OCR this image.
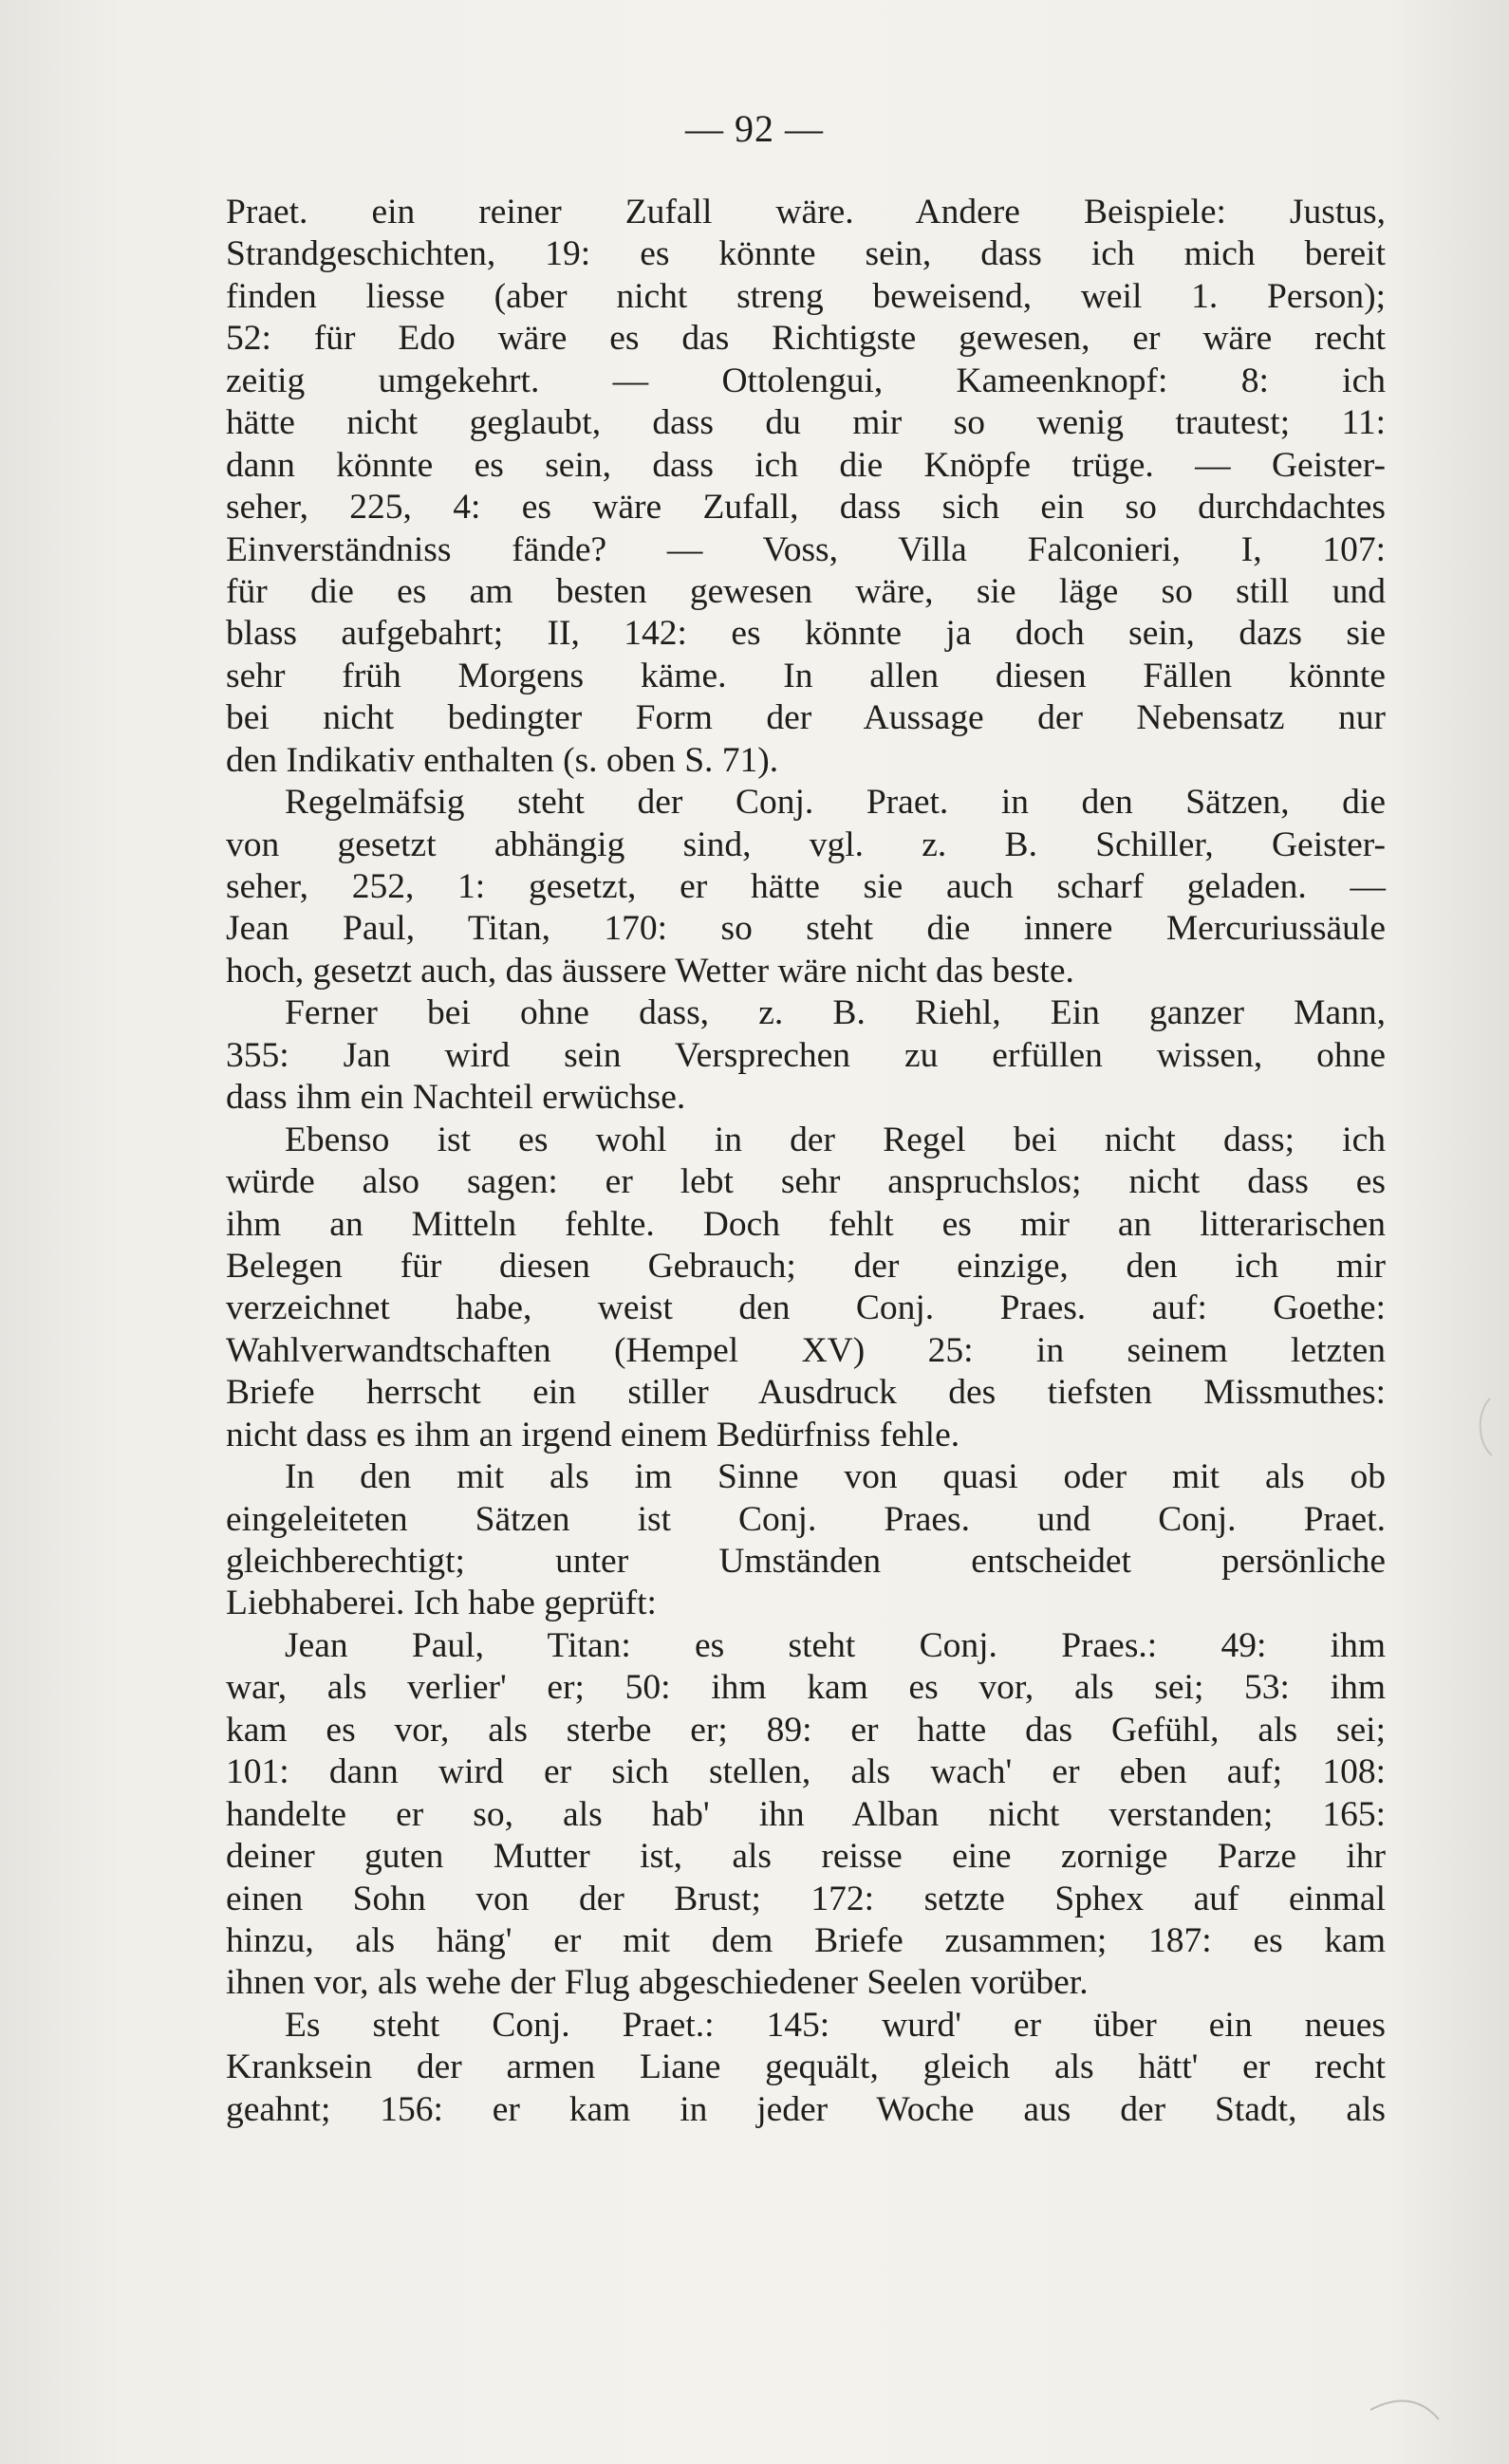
— 92 —
Praet. ein reiner Zufall wäre. Andere Beispiele: Justus,
Strandgeschichten, 19: es könnte sein, dass ich mich bereit
finden liesse (aber nicht streng beweisend, weil 1. Person);
52: für Edo wäre es das Richtigste gewesen, er wäre recht
zeitig umgekehrt. — Ottolengui, Kameenknopf: 8: ich
hätte nicht geglaubt, dass du mir so wenig trautest; 11:
dann könnte es sein, dass ich die Knöpfe trüge. — Geister-
seher, 225, 4: es wäre Zufall, dass sich ein so durchdachtes
Einverständniss fände? — Voss, Villa Falconieri, I, 107:
für die es am besten gewesen wäre, sie läge so still und
blass aufgebahrt; II, 142: es könnte ja doch sein, dazs sie
sehr früh Morgens käme. In allen diesen Fällen könnte
bei nicht bedingter Form der Aussage der Nebensatz nur
den Indikativ enthalten (s. oben S. 71).
Regelmäfsig steht der Conj. Praet. in den Sätzen, die
von gesetzt abhängig sind, vgl. z. B. Schiller, Geister-
seher, 252, 1: gesetzt, er hätte sie auch scharf geladen. —
Jean Paul, Titan, 170: so steht die innere Mercuriussäule
hoch, gesetzt auch, das äussere Wetter wäre nicht das beste.
Ferner bei ohne dass, z. B. Riehl, Ein ganzer Mann,
355: Jan wird sein Versprechen zu erfüllen wissen, ohne
dass ihm ein Nachteil erwüchse.
Ebenso ist es wohl in der Regel bei nicht dass; ich
würde also sagen: er lebt sehr anspruchslos; nicht dass es
ihm an Mitteln fehlte. Doch fehlt es mir an litterarischen
Belegen für diesen Gebrauch; der einzige, den ich mir
verzeichnet habe, weist den Conj. Praes. auf: Goethe:
Wahlverwandtschaften (Hempel XV) 25: in seinem letzten
Briefe herrscht ein stiller Ausdruck des tiefsten Missmuthes:
nicht dass es ihm an irgend einem Bedürfniss fehle.
In den mit als im Sinne von quasi oder mit als ob
eingeleiteten Sätzen ist Conj. Praes. und Conj. Praet.
gleichberechtigt; unter Umständen entscheidet persönliche
Liebhaberei. Ich habe geprüft:
Jean Paul, Titan: es steht Conj. Praes.: 49: ihm
war, als verlier' er; 50: ihm kam es vor, als sei; 53: ihm
kam es vor, als sterbe er; 89: er hatte das Gefühl, als sei;
101: dann wird er sich stellen, als wach' er eben auf; 108:
handelte er so, als hab' ihn Alban nicht verstanden; 165:
deiner guten Mutter ist, als reisse eine zornige Parze ihr
einen Sohn von der Brust; 172: setzte Sphex auf einmal
hinzu, als häng' er mit dem Briefe zusammen; 187: es kam
ihnen vor, als wehe der Flug abgeschiedener Seelen vorüber.
Es steht Conj. Praet.: 145: wurd' er über ein neues
Kranksein der armen Liane gequält, gleich als hätt' er recht
geahnt; 156: er kam in jeder Woche aus der Stadt, als
